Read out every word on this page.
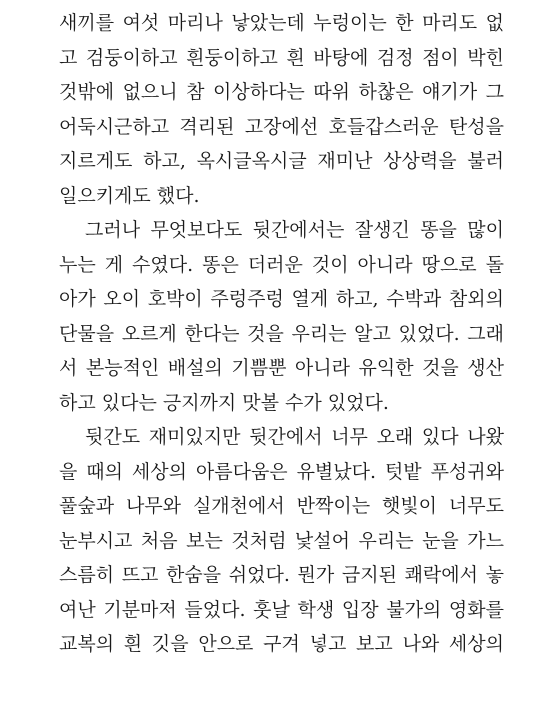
새끼를 여섯 마리나 낳았는데 누렁이는 한 마리도 없
고 검둥이하고 흰둥이하고 흰 바탕에 검정 점이 박힌
것밖에 없으니 참 이상하다는 따위 하찮은 얘기가 그
어둑시근하고 격리된 고장에선 호들갑스러운 탄성을
지르게도 하고, 옥시글옥시글 재미난 상상력을 불러
일으키게도 했다.
그러나 무엇보다도 뒷간에서는 잘생긴 똥을 많이
누는 게 수였다. 똥은 더러운 것이 아니라 땅으로 돌
아가 오이 호박이 주렁주렁 열게 하고, 수박과 참외의
단물을 오르게 한다는 것을 우리는 알고 있었다. 그래
서 본능적인 배설의 기쁨뿐 아니라 유익한 것을 생산
하고 있다는 긍지까지 맛볼 수가 있었다.
뒷간도 재미있지만 뒷간에서 너무 오래 있다 나왔
을 때의 세상의 아름다움은 유별났다. 텃밭 푸성귀와
풀숲과 나무와 실개천에서 반짝이는 햇빛이 너무도
눈부시고 처음 보는 것처럼 낯설어 우리는 눈을 가느
스름히 뜨고 한숨을 쉬었다. 뭔가 금지된 쾌락에서 놓
여난 기분마저 들었다. 훗날 학생 입장 불가의 영화를
교복의 흰 깃을 안으로 구겨 넣고 보고 나와 세상의
